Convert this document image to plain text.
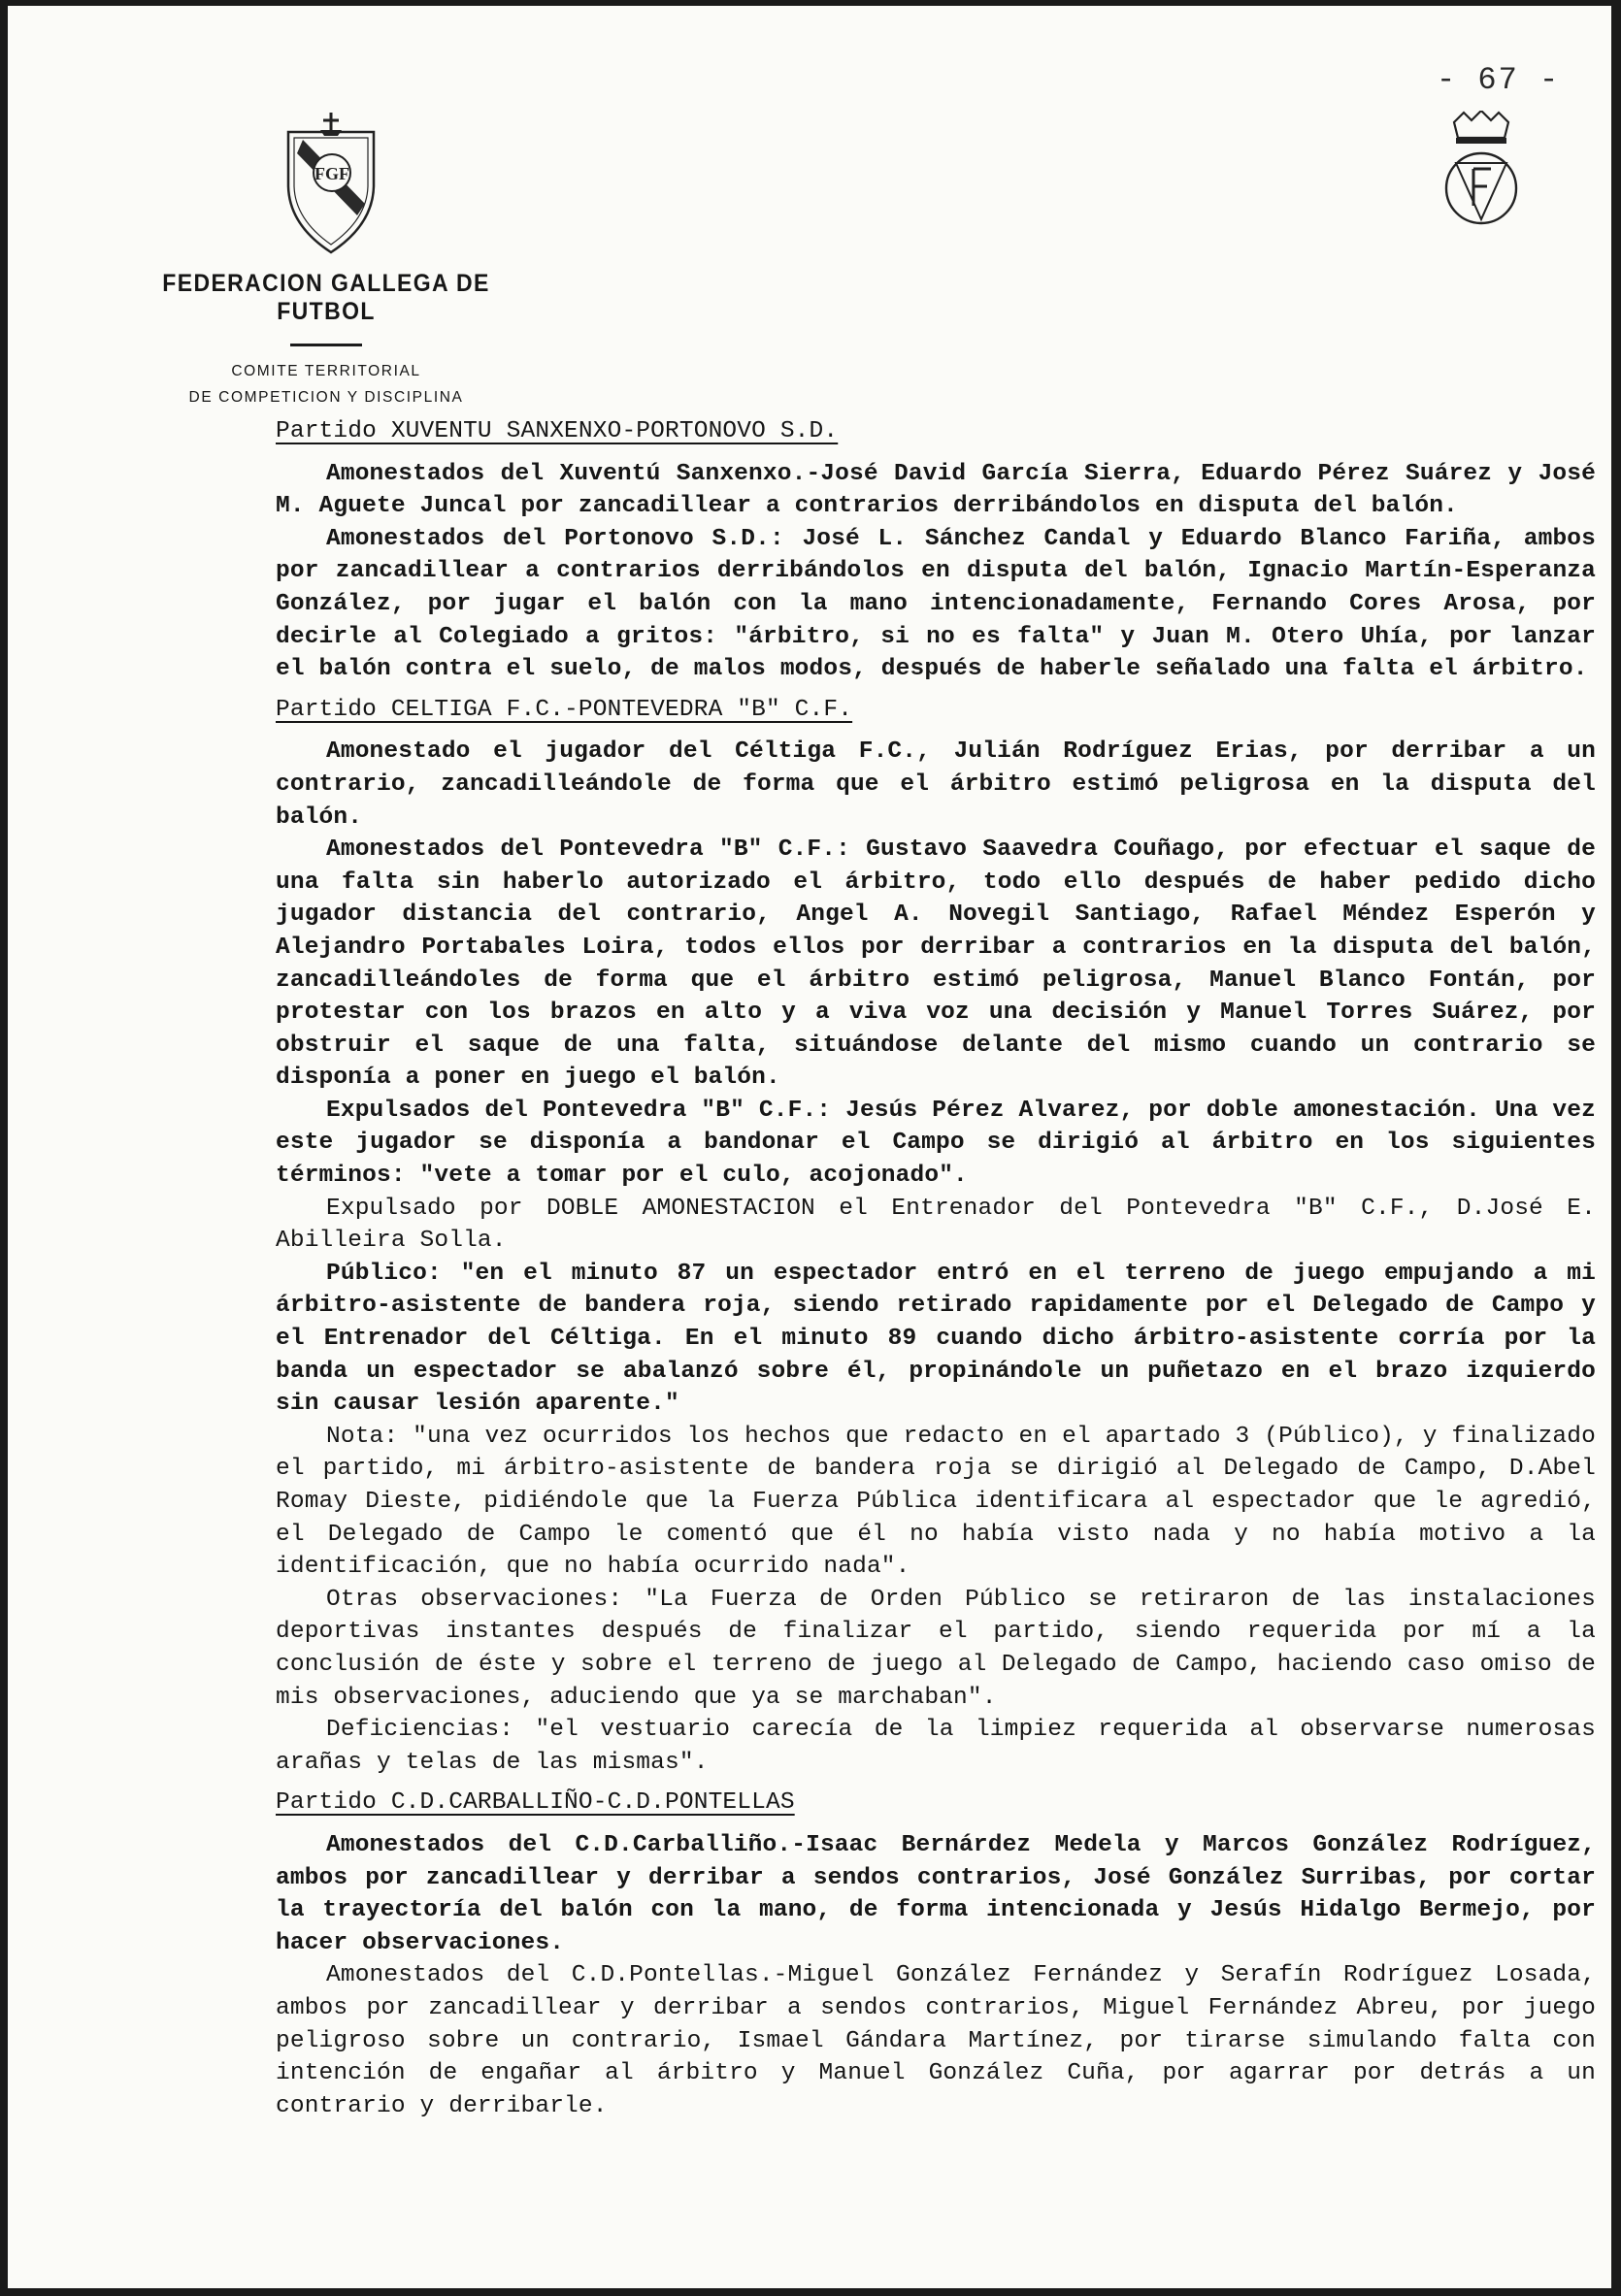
- 67 -
FGF
FEDERACION GALLEGA DE FUTBOL
COMITE TERRITORIAL
DE COMPETICION Y DISCIPLINA
Partido XUVENTU SANXENXO-PORTONOVO S.D.

Amonestados del Xuventú Sanxenxo.-José David García Sierra, Eduardo Pérez Suárez y José M. Aguete Juncal por zancadillear a contrarios derribándolos en disputa del balón.

Amonestados del Portonovo S.D.: José L. Sánchez Candal y Eduardo Blanco Fariña, ambos por zancadillear a contrarios derribándolos en disputa del balón, Ignacio Martín-Esperanza González, por jugar el balón con la mano intencionadamente, Fernando Cores Arosa, por decirle al Colegiado a gritos: "árbitro, si no es falta" y Juan M. Otero Uhía, por lanzar el balón contra el suelo, de malos modos, después de haberle señalado una falta el árbitro.

Partido CELTIGA F.C.-PONTEVEDRA "B" C.F.

Amonestado el jugador del Céltiga F.C., Julián Rodríguez Erias, por derribar a un contrario, zancadilleándole de forma que el árbitro estimó peligrosa en la disputa del balón.

Amonestados del Pontevedra "B" C.F.: Gustavo Saavedra Couñago, por efectuar el saque de una falta sin haberlo autorizado el árbitro, todo ello después de haber pedido dicho jugador distancia del contrario, Angel A. Novegil Santiago, Rafael Méndez Esperón y Alejandro Portabales Loira, todos ellos por derribar a contrarios en la disputa del balón, zancadilleándoles de forma que el árbitro estimó peligrosa, Manuel Blanco Fontán, por protestar con los brazos en alto y a viva voz una decisión y Manuel Torres Suárez, por obstruir el saque de una falta, situándose delante del mismo cuando un contrario se disponía a poner en juego el balón.

Expulsados del Pontevedra "B" C.F.: Jesús Pérez Alvarez, por doble amonestación. Una vez este jugador se disponía a bandonar el Campo se dirigió al árbitro en los siguientes términos: "vete a tomar por el culo, acojonado".

Expulsado por DOBLE AMONESTACION el Entrenador del Pontevedra "B" C.F., D.José E. Abilleira Solla.

Público: "en el minuto 87 un espectador entró en el terreno de juego empujando a mi árbitro-asistente de bandera roja, siendo retirado rapidamente por el Delegado de Campo y el Entrenador del Céltiga. En el minuto 89 cuando dicho árbitro-asistente corría por la banda un espectador se abalanzó sobre él, propinándole un puñetazo en el brazo izquierdo sin causar lesión aparente."

Nota: "una vez ocurridos los hechos que redacto en el apartado 3 (Público), y finalizado el partido, mi árbitro-asistente de bandera roja se dirigió al Delegado de Campo, D.Abel Romay Dieste, pidiéndole que la Fuerza Pública identificara al espectador que le agredió, el Delegado de Campo le comentó que él no había visto nada y no había motivo a la identificación, que no había ocurrido nada".

Otras observaciones: "La Fuerza de Orden Público se retiraron de las instalaciones deportivas instantes después de finalizar el partido, siendo requerida por mí a la conclusión de éste y sobre el terreno de juego al Delegado de Campo, haciendo caso omiso de mis observaciones, aduciendo que ya se marchaban".

Deficiencias: "el vestuario carecía de la limpiez requerida al observarse numerosas arañas y telas de las mismas".

Partido C.D.CARBALLIÑO-C.D.PONTELLAS

Amonestados del C.D.Carballiño.-Isaac Bernárdez Medela y Marcos González Rodríguez, ambos por zancadillear y derribar a sendos contrarios, José González Surribas, por cortar la trayectoría del balón con la mano, de forma intencionada y Jesús Hidalgo Bermejo, por hacer observaciones.

Amonestados del C.D.Pontellas.-Miguel González Fernández y Serafín Rodríguez Losada, ambos por zancadillear y derribar a sendos contrarios, Miguel Fernández Abreu, por juego peligroso sobre un contrario, Ismael Gándara Martínez, por tirarse simulando falta con intención de engañar al árbitro y Manuel González Cuña, por agarrar por detrás a un contrario y derribarle.
